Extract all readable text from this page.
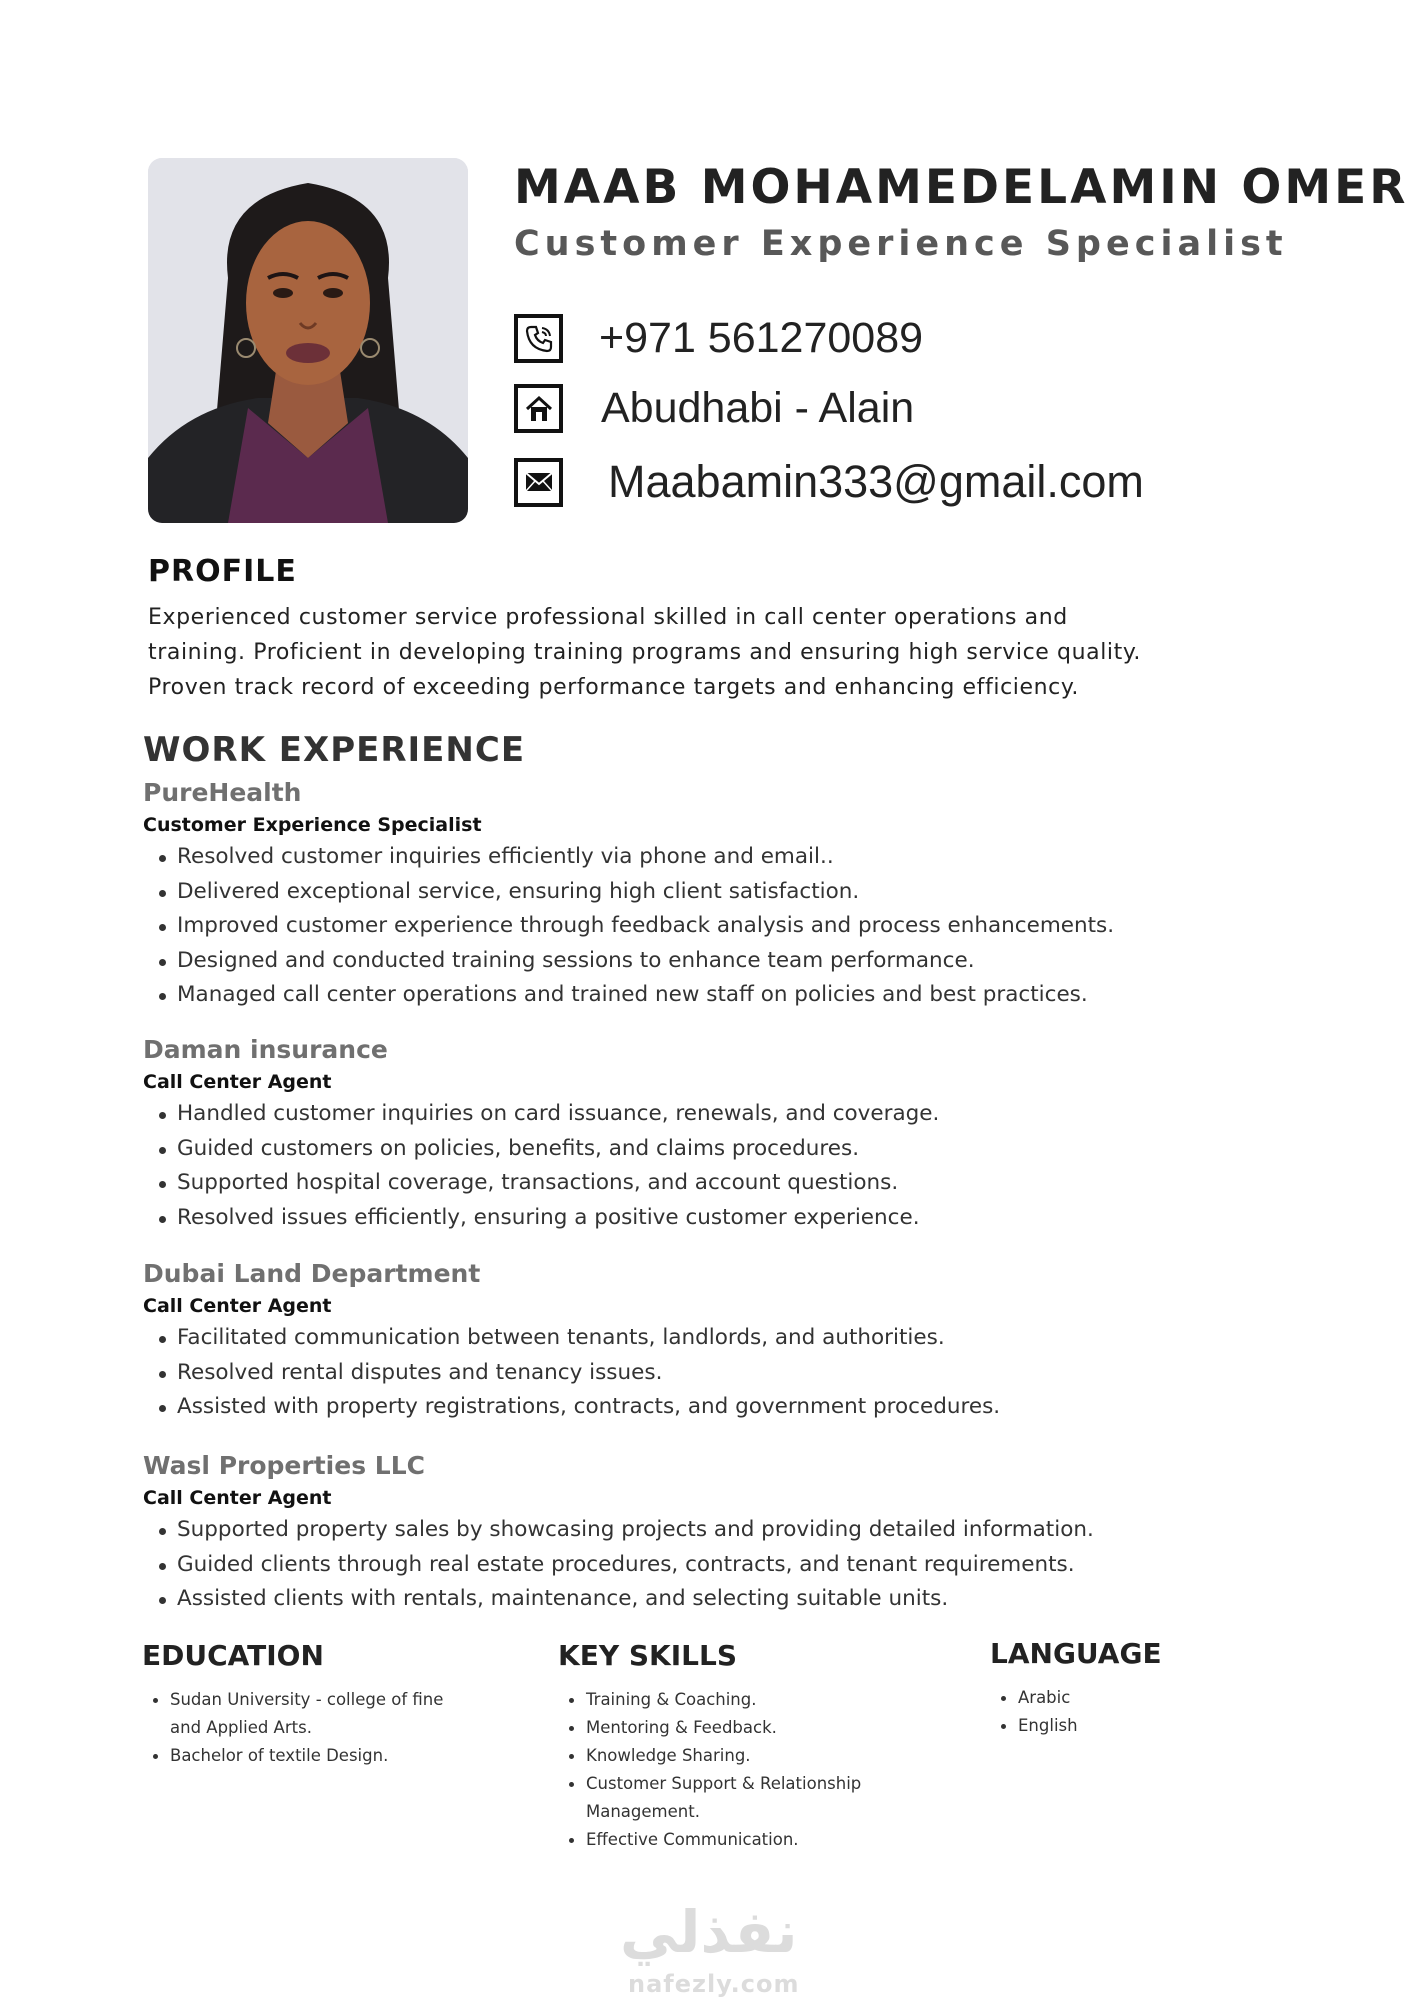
MAAB MOHAMEDELAMIN OMER
Customer Experience Specialist
+971 561270089
Abudhabi - Alain
Maabamin333@gmail.com
PROFILE
Experienced customer service professional skilled in call center operations and training. Proficient in developing training programs and ensuring high service quality. Proven track record of exceeding performance targets and enhancing efficiency.
WORK EXPERIENCE
PureHealth
Customer Experience Specialist
Resolved customer inquiries efficiently via phone and email..
Delivered exceptional service, ensuring high client satisfaction.
Improved customer experience through feedback analysis and process enhancements.
Designed and conducted training sessions to enhance team performance.
Managed call center operations and trained new staff on policies and best practices.
Daman insurance
Call Center Agent
Handled customer inquiries on card issuance, renewals, and coverage.
Guided customers on policies, benefits, and claims procedures.
Supported hospital coverage, transactions, and account questions.
Resolved issues efficiently, ensuring a positive customer experience.
Dubai Land Department
Call Center Agent
Facilitated communication between tenants, landlords, and authorities.
Resolved rental disputes and tenancy issues.
Assisted with property registrations, contracts, and government procedures.
Wasl Properties LLC
Call Center Agent
Supported property sales by showcasing projects and providing detailed information.
Guided clients through real estate procedures, contracts, and tenant requirements.
Assisted clients with rentals, maintenance, and selecting suitable units.
EDUCATION
Sudan University - college of fine and Applied Arts.
Bachelor of textile Design.
KEY SKILLS
Training & Coaching.
Mentoring & Feedback.
Knowledge Sharing.
Customer Support & Relationship Management.
Effective Communication.
LANGUAGE
Arabic
English
نفذلي
nafezly.com
